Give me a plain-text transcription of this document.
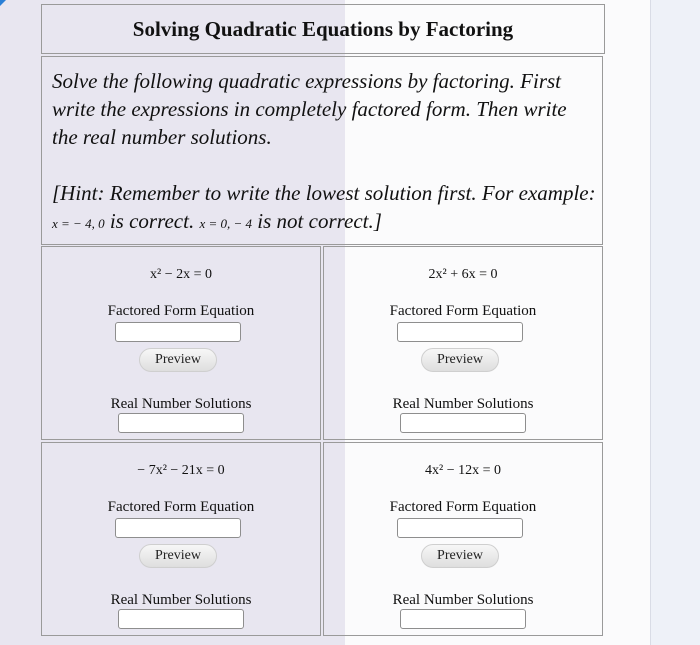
Solving Quadratic Equations by Factoring

Solve the following quadratic expressions by factoring. First write the expressions in completely factored form. Then write the real number solutions.

[Hint: Remember to write the lowest solution first. For example: x = − 4, 0 is correct. x = 0, − 4 is not correct.]

x² − 2x = 0
Factored Form Equation
Preview
Real Number Solutions
2x² + 6x = 0
Factored Form Equation
Preview
Real Number Solutions
− 7x² − 21x = 0
Factored Form Equation
Preview
Real Number Solutions
4x² − 12x = 0
Factored Form Equation
Preview
Real Number Solutions
